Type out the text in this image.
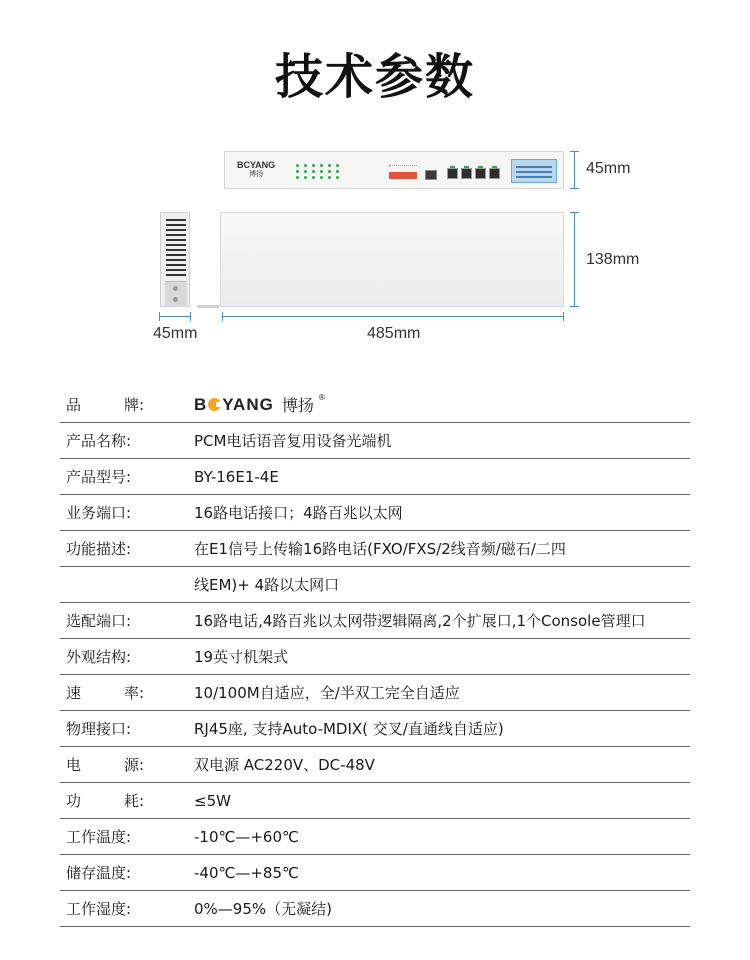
技术参数
BCYANG
博扬	45mm
138mm
45mm	485mm
品	牌:	B YANG 博扬 ®
产品名称:	PCM电话语音复用设备光端机
产品型号:	BY-16E1-4E
业务端口:	16路电话接口；4路百兆以太网
功能描述:	在E1信号上传输16路电话(FXO/FXS/2线音频/磁石/二四
线EM)+ 4路以太网口
选配端口:	16路电话,4路百兆以太网带逻辑隔离,2个扩展口,1个Console管理口
外观结构:	19英寸机架式
速	率:	10/100M自适应，全/半双工完全自适应
物理接口:	RJ45座, 支持Auto-MDIX( 交叉/直通线自适应)
电	源:	双电源 AC220V、DC-48V
功	耗:	≤5W
工作温度:	-10℃—+60℃
储存温度:	-40℃—+85℃
工作湿度:	0%—95%（无凝结)
